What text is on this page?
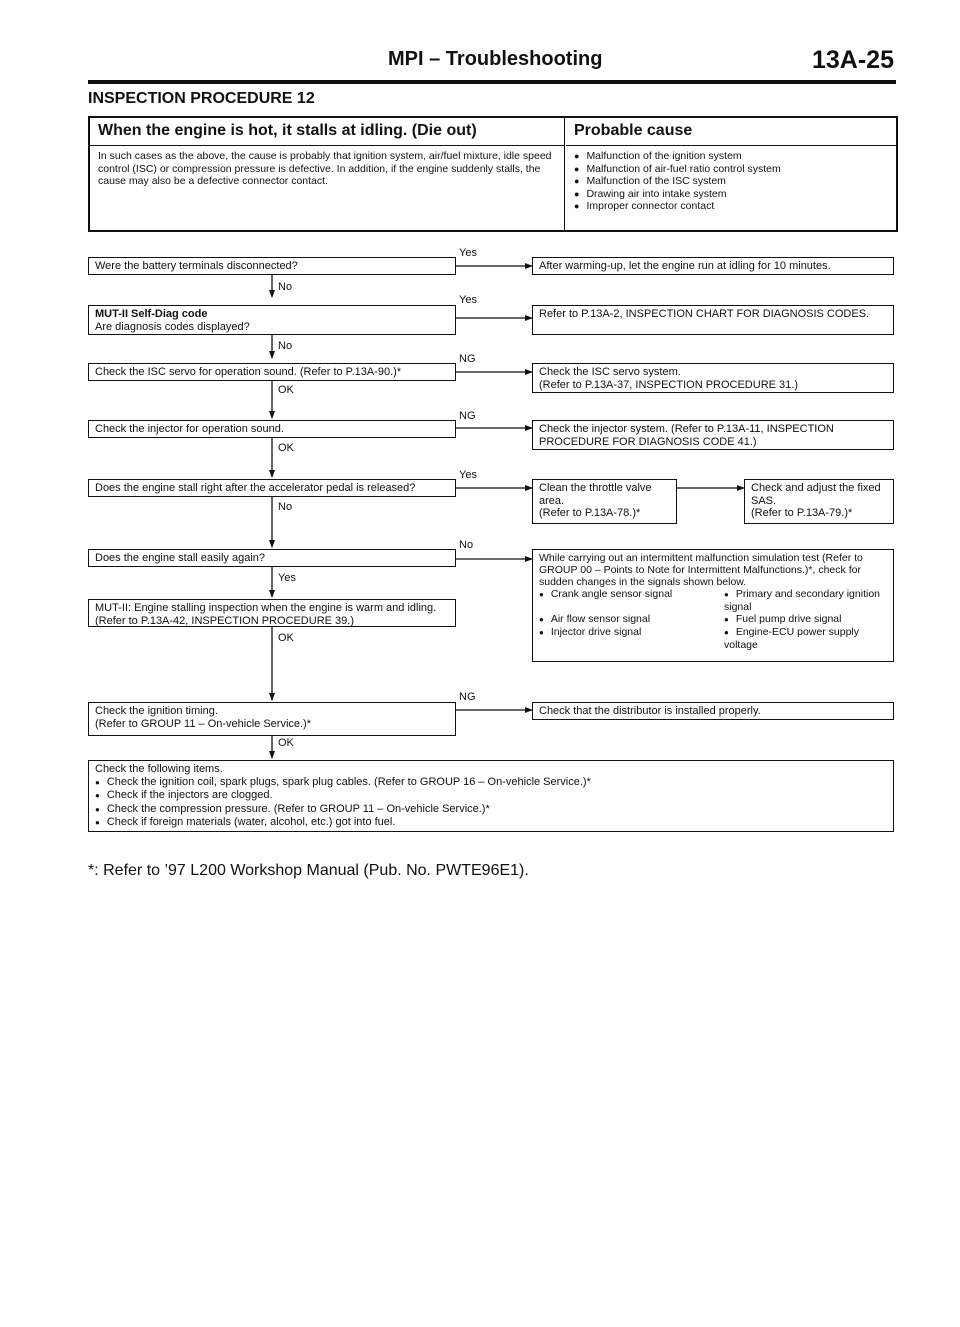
MPI – Troubleshooting	13A-25
INSPECTION PROCEDURE 12
When the engine is hot, it stalls at idling. (Die out)
In such cases as the above, the cause is probably that ignition system, air/fuel mixture, idle speed control (ISC) or compression pressure is defective. In addition, if the engine suddenly stalls, the cause may also be a defective connector contact.
Probable cause
● Malfunction of the ignition system
● Malfunction of air-fuel ratio control system
● Malfunction of the ISC system
● Drawing air into intake system
● Improper connector contact
Were the battery terminals disconnected?
Yes
After warming-up, let the engine run at idling for 10 minutes.
No
MUT-II Self-Diag code
Are diagnosis codes displayed?
Yes
Refer to P.13A-2, INSPECTION CHART FOR DIAGNOSIS CODES.
No
Check the ISC servo for operation sound. (Refer to P.13A-90.)*
NG
Check the ISC servo system.
(Refer to P.13A-37, INSPECTION PROCEDURE 31.)
OK
Check the injector for operation sound.
NG
Check the injector system. (Refer to P.13A-11, INSPECTION PROCEDURE FOR DIAGNOSIS CODE 41.)
OK
Does the engine stall right after the accelerator pedal is released?
Yes
Clean the throttle valve area.
(Refer to P.13A-78.)*
Check and adjust the fixed SAS.
(Refer to P.13A-79.)*
No
Does the engine stall easily again?
No
While carrying out an intermittent malfunction simulation test (Refer to GROUP 00 – Points to Note for Intermittent Malfunctions.)*, check for sudden changes in the signals shown below.
● Crank angle sensor signal	● Primary and secondary ignition signal
● Air flow sensor signal	● Fuel pump drive signal
● Injector drive signal	● Engine-ECU power supply voltage
Yes
MUT-II: Engine stalling inspection when the engine is warm and idling. (Refer to P.13A-42, INSPECTION PROCEDURE 39.)
OK
Check the ignition timing.
(Refer to GROUP 11 – On-vehicle Service.)*
NG
Check that the distributor is installed properly.
OK
Check the following items.
● Check the ignition coil, spark plugs, spark plug cables. (Refer to GROUP 16 – On-vehicle Service.)*
● Check if the injectors are clogged.
● Check the compression pressure. (Refer to GROUP 11 – On-vehicle Service.)*
● Check if foreign materials (water, alcohol, etc.) got into fuel.
*: Refer to ’97 L200 Workshop Manual (Pub. No. PWTE96E1).
